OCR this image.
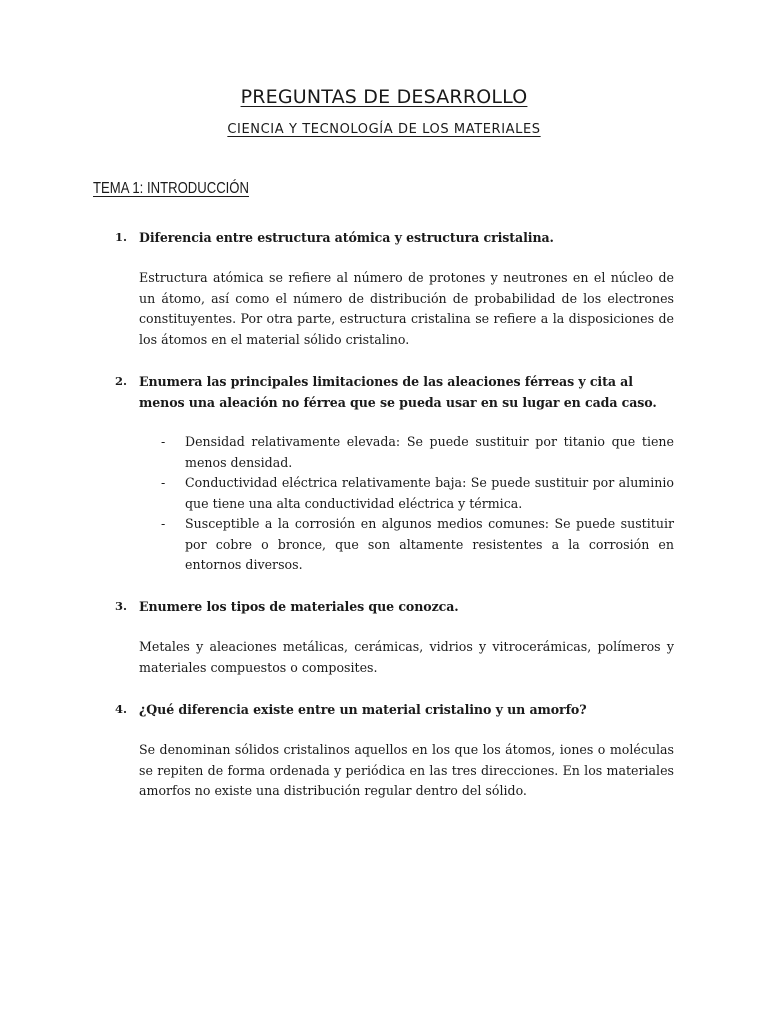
PREGUNTAS DE DESARROLLO
CIENCIA Y TECNOLOGÍA DE LOS MATERIALES
TEMA 1: INTRODUCCIÓN
1. Diferencia entre estructura atómica y estructura cristalina.

Estructura atómica se refiere al número de protones y neutrones en el núcleo de un átomo, así como el número de distribución de probabilidad de los electrones constituyentes. Por otra parte, estructura cristalina se refiere a la disposiciones de los átomos en el material sólido cristalino.

2. Enumera las principales limitaciones de las aleaciones férreas y cita al menos una aleación no férrea que se pueda usar en su lugar en cada caso.

- Densidad relativamente elevada: Se puede sustituir por titanio que tiene menos densidad.
- Conductividad eléctrica relativamente baja: Se puede sustituir por aluminio que tiene una alta conductividad eléctrica y térmica.
- Susceptible a la corrosión en algunos medios comunes: Se puede sustituir por cobre o bronce, que son altamente resistentes a la corrosión en entornos diversos.
3. Enumere los tipos de materiales que conozca.

Metales y aleaciones metálicas, cerámicas, vidrios y vitrocerámicas, polímeros y materiales compuestos o composites.

4. ¿Qué diferencia existe entre un material cristalino y un amorfo?

Se denominan sólidos cristalinos aquellos en los que los átomos, iones o moléculas se repiten de forma ordenada y periódica en las tres direcciones. En los materiales amorfos no existe una distribución regular dentro del sólido.
